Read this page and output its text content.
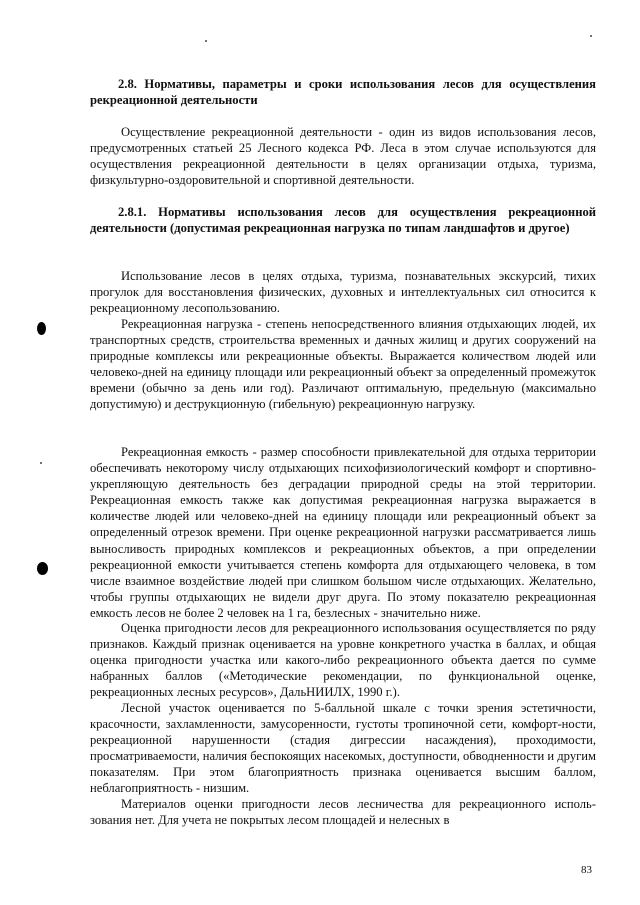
2.8. Нормативы, параметры и сроки использования лесов для осуществления рекреационной деятельности

Осуществление рекреационной деятельности - один из видов использования лесов, предусмотренных статьей 25 Лесного кодекса РФ. Леса в этом случае используются для осуществления рекреационной деятельности в целях организации отдыха, туризма, физкультурно-оздоровительной и спортивной деятельности.

2.8.1. Нормативы использования лесов для осуществления рекреационной деятельности (допустимая рекреационная нагрузка по типам ландшафтов и другое)

Использование лесов в целях отдыха, туризма, познавательных экскурсий, тихих прогулок для восстановления физических, духовных и интеллектуальных сил относится к рекреационному лесопользованию.

Рекреационная нагрузка - степень непосредственного влияния отдыхающих людей, их транспортных средств, строительства временных и дачных жилищ и других сооружений на природные комплексы или рекреационные объекты. Выражается количеством людей или человеко-дней на единицу площади или рекреационный объект за определенный промежуток времени (обычно за день или год). Различают оптимальную, предельную (максимально допустимую) и деструкционную (гибельную) рекреационную нагрузку.

Рекреационная емкость - размер способности привлекательной для отдыха территории обеспечивать некоторому числу отдыхающих психофизиологический комфорт и спортивно-укрепляющую деятельность без деградации природной среды на этой территории. Рекреационная емкость также как допустимая рекреационная нагрузка выражается в количестве людей или человеко-дней на единицу площади или рекреационный объект за определенный отрезок времени. При оценке рекреационной нагрузки рассматривается лишь выносливость природных комплексов и рекреационных объектов, а при определении рекреационной емкости учитывается степень комфорта для отдыхающего человека, в том числе взаимное воздействие людей при слишком большом числе отдыхающих. Желательно, чтобы группы отдыхающих не видели друг друга. По этому показателю рекреационная емкость лесов не более 2 человек на 1 га, безлесных - значительно ниже.

Оценка пригодности лесов для рекреационного использования осуществляется по ряду признаков. Каждый признак оценивается на уровне конкретного участка в баллах, и общая оценка пригодности участка или какого-либо рекреационного объекта дается по сумме набранных баллов («Методические рекомендации, по функциональной оценке, рекреационных лесных ресурсов», ДальНИИЛХ, 1990 г.).

Лесной участок оценивается по 5-балльной шкале с точки зрения эстетичности, красочности, захламленности, замусоренности, густоты тропиночной сети, комфорт-ности, рекреационной нарушенности (стадия дигрессии насаждения), проходимости, просматриваемости, наличия беспокоящих насекомых, доступности, обводненности и другим показателям. При этом благоприятность признака оценивается высшим баллом, неблагоприятность - низшим.

Материалов оценки пригодности лесов лесничества для рекреационного исполь-зования нет. Для учета не покрытых лесом площадей и нелесных в

83
